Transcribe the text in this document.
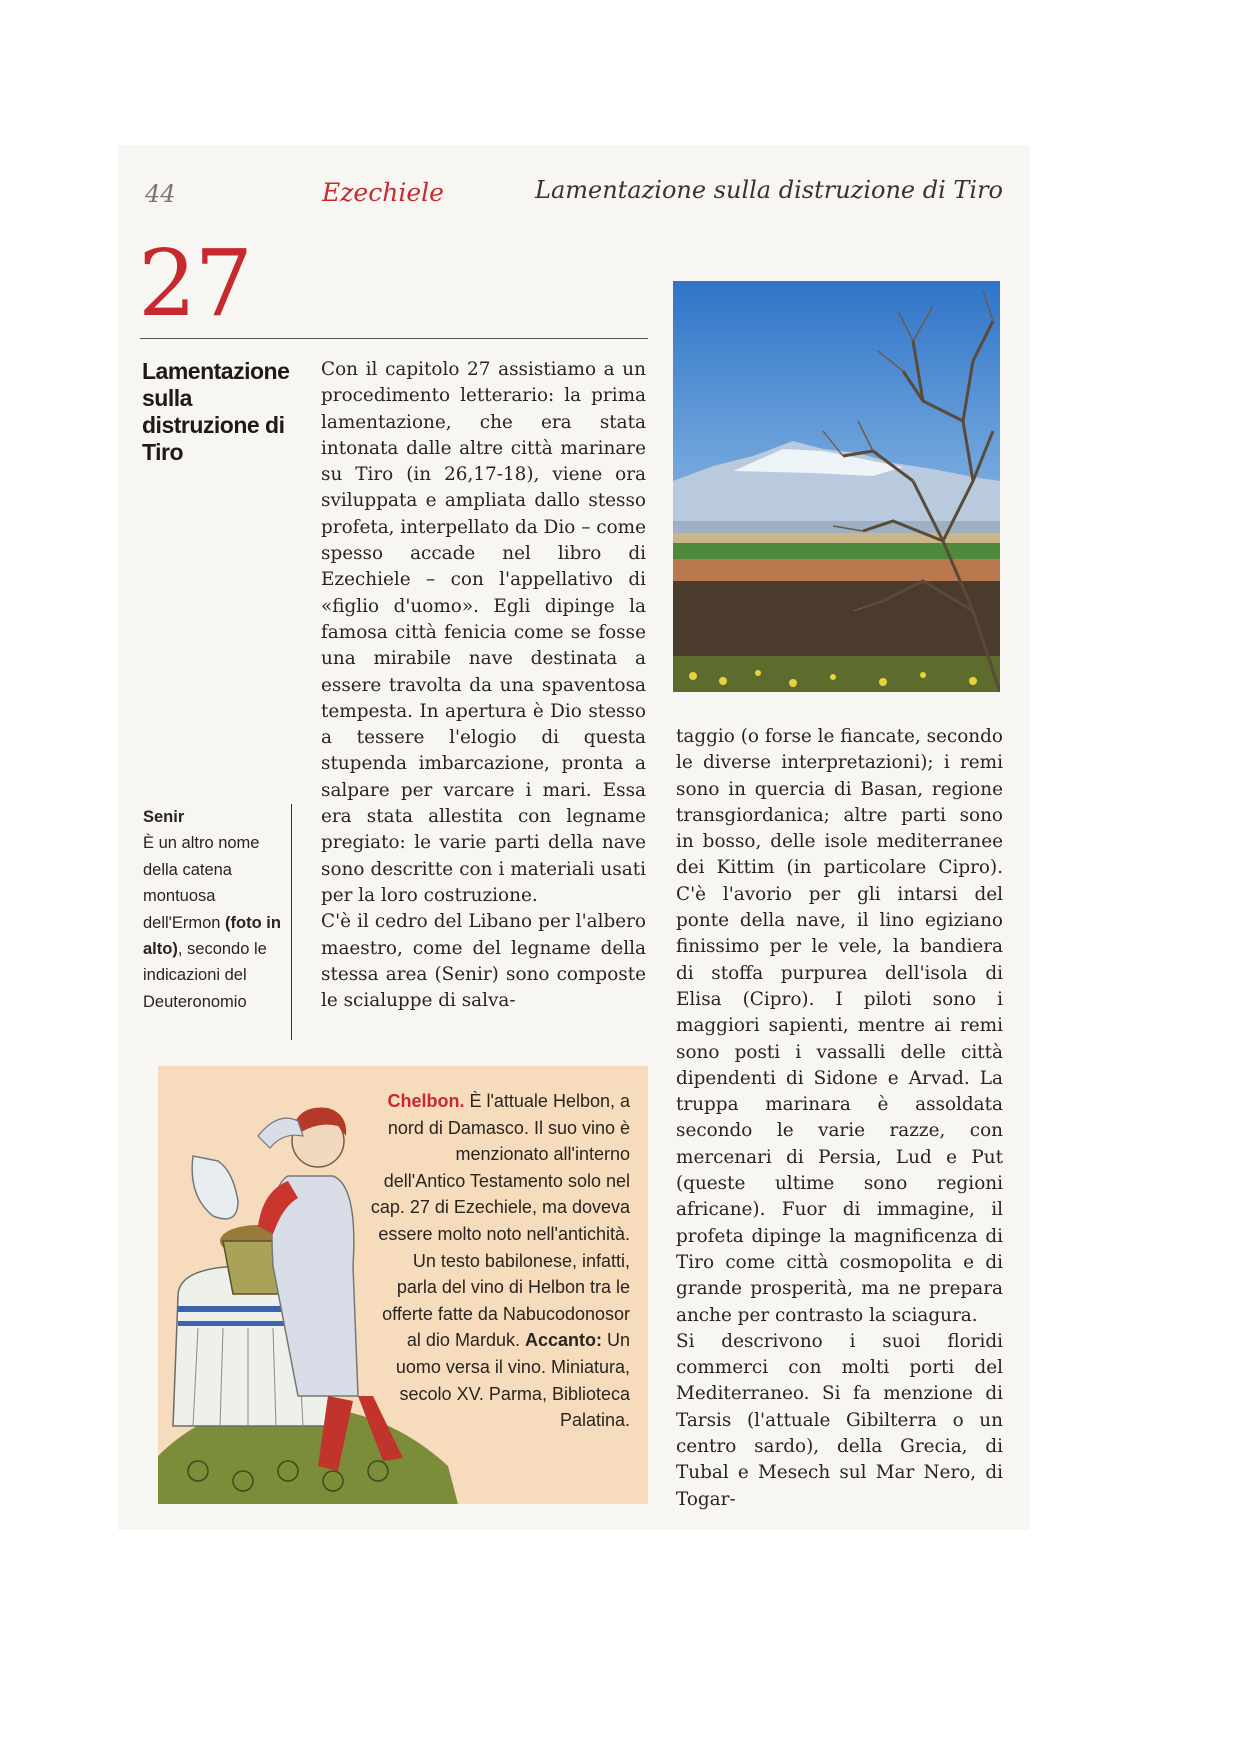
44	Ezechiele	Lamentazione sulla distruzione di Tiro
27
Lamentazione sulla distruzione di Tiro

Con il capitolo 27 assistiamo a un procedimento letterario: la prima lamentazione, che era stata intonata dalle altre città marinare su Tiro (in 26,17-18), viene ora sviluppata e ampliata dallo stesso profeta, interpellato da Dio – come spesso accade nel libro di Ezechiele – con l'appellativo di «figlio d'uomo». Egli dipinge la famosa città fenicia come se fosse una mirabile nave destinata a essere travolta da una spaventosa tempesta. In apertura è Dio stesso a tessere l'elogio di questa stupenda imbarcazione, pronta a salpare per varcare i mari. Essa era stata allestita con legname pregiato: le varie parti della nave sono descritte con i materiali usati per la loro costruzione.

C'è il cedro del Libano per l'albero maestro, come del legname della stessa area (Senir) sono composte le scialuppe di salva-

Senir
È un altro nome della catena montuosa dell'Ermon (foto in alto), secondo le indicazioni del Deuteronomio

taggio (o forse le fiancate, secondo le diverse interpretazioni); i remi sono in quercia di Basan, regione transgiordanica; altre parti sono in bosso, delle isole mediterranee dei Kittim (in particolare Cipro). C'è l'avorio per gli intarsi del ponte della nave, il lino egiziano finissimo per le vele, la bandiera di stoffa purpurea dell'isola di Elisa (Cipro). I piloti sono i maggiori sapienti, mentre ai remi sono posti i vassalli delle città dipendenti di Sidone e Arvad. La truppa marinara è assoldata secondo le varie razze, con mercenari di Persia, Lud e Put (queste ultime sono regioni africane). Fuor di immagine, il profeta dipinge la magnificenza di Tiro come città cosmopolita e di grande prosperità, ma ne prepara anche per contrasto la sciagura.

Si descrivono i suoi floridi commerci con molti porti del Mediterraneo. Si fa menzione di Tarsis (l'attuale Gibilterra o un centro sardo), della Grecia, di Tubal e Mesech sul Mar Nero, di Togar-

Chelbon. È l'attuale Helbon, a nord di Damasco. Il suo vino è menzionato all'interno dell'Antico Testamento solo nel cap. 27 di Ezechiele, ma doveva essere molto noto nell'antichità. Un testo babilonese, infatti, parla del vino di Helbon tra le offerte fatte da Nabucodonosor al dio Marduk. Accanto: Un uomo versa il vino. Miniatura, secolo XV. Parma, Biblioteca Palatina.
